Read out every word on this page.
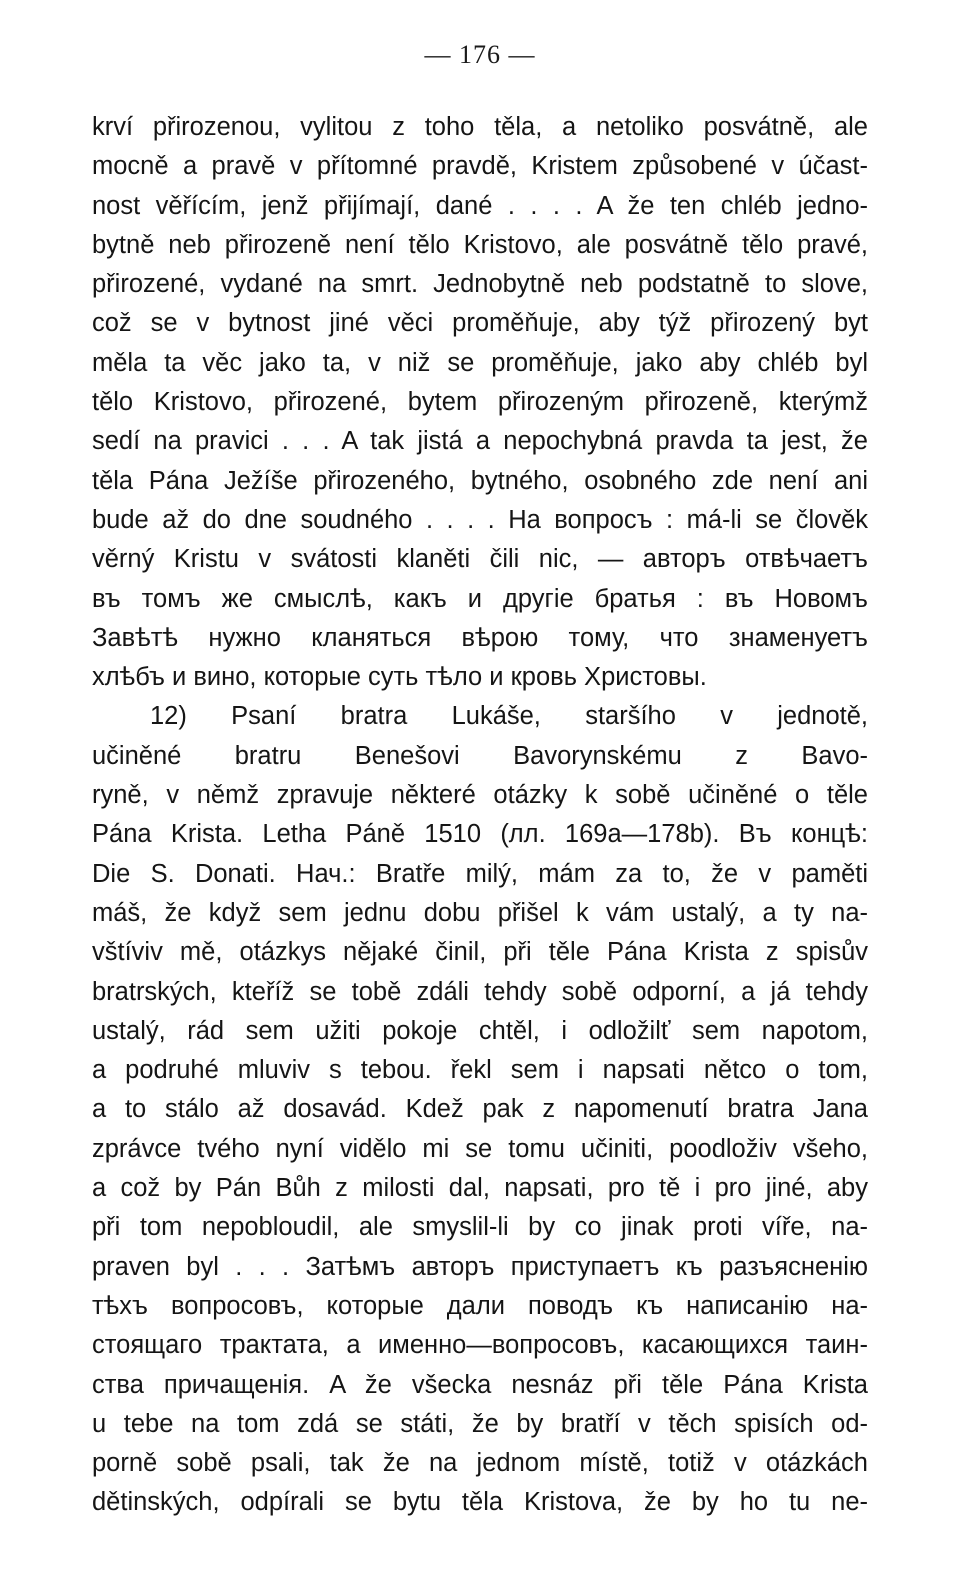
— 176 —
krví přirozenou, vylitou z toho těla, a netoliko posvátně, ale
mocně a pravě v přítomné pravdě, Kristem způsobené v účast-
nost věřícím, jenž přijímají, dané . . . . A že ten chléb jedno-
bytně neb přirozeně není tělo Kristovo, ale posvátně tělo pravé,
přirozené, vydané na smrt. Jednobytně neb podstatně to slove,
což se v bytnost jiné věci proměňuje, aby týž přirozený byt
měla ta věc jako ta, v niž se proměňuje, jako aby chléb byl
tělo Kristovo, přirozené, bytem přirozeným přirozeně, kterýmž
sedí na pravici . . . A tak jistá a nepochybná pravda ta jest, že
těla Pána Ježíše přirozeného, bytného, osobného zde není ani
bude až do dne soudného . . . . На вопросъ : má-li se člověk
věrný Kristu v svátosti klaněti čili nic, — авторъ отвѣчаетъ
въ томъ же смыслѣ, какъ и другіе братья : въ Новомъ
Завѣтѣ нужно кланяться вѣрою тому, что знаменуетъ
хлѣбъ и вино, которые суть тѣло и кровь Христовы.
12) Psaní bratra Lukáše, staršího v jednotě,
učiněné bratru Benešovi Bavorynskému z Bavo-
ryně, v němž zpravuje některé otázky k sobě učiněné o těle
Pána Krista. Letha Páně 1510 (лл. 169a—178b). Въ концѣ:
Die S. Donati. Нач.: Bratře milý, mám za to, že v paměti
máš, že když sem jednu dobu přišel k vám ustalý, a ty na-
vštíviv mě, otázkys nějaké činil, při těle Pána Krista z spisův
bratrských, kteříž se tobě zdáli tehdy sobě odporní, a já tehdy
ustalý, rád sem užiti pokoje chtěl, i odložilť sem napotom,
a podruhé mluviv s tebou. řekl sem i napsati nětco o tom,
a to stálo až dosavád. Kdež pak z napomenutí bratra Jana
zprávce tvého nyní vidělo mi se tomu učiniti, poodloživ všeho,
a což by Pán Bůh z milosti dal, napsati, pro tě i pro jiné, aby
při tom nepobloudil, ale smyslil-li by co jinak proti víře, na-
praven byl . . . Затѣмъ авторъ приступаетъ къ разъясненію
тѣхъ вопросовъ, которые дали поводъ къ написанію на-
стоящаго трактата, а именно—вопросовъ, касающихся таин-
ства причащенія. A že všecka nesnáz při těle Pána Krista
u tebe na tom zdá se státi, že by bratří v těch spisích od-
porně sobě psali, tak že na jednom místě, totiž v otázkách
dětinských, odpírali se bytu těla Kristova, že by ho tu ne-
